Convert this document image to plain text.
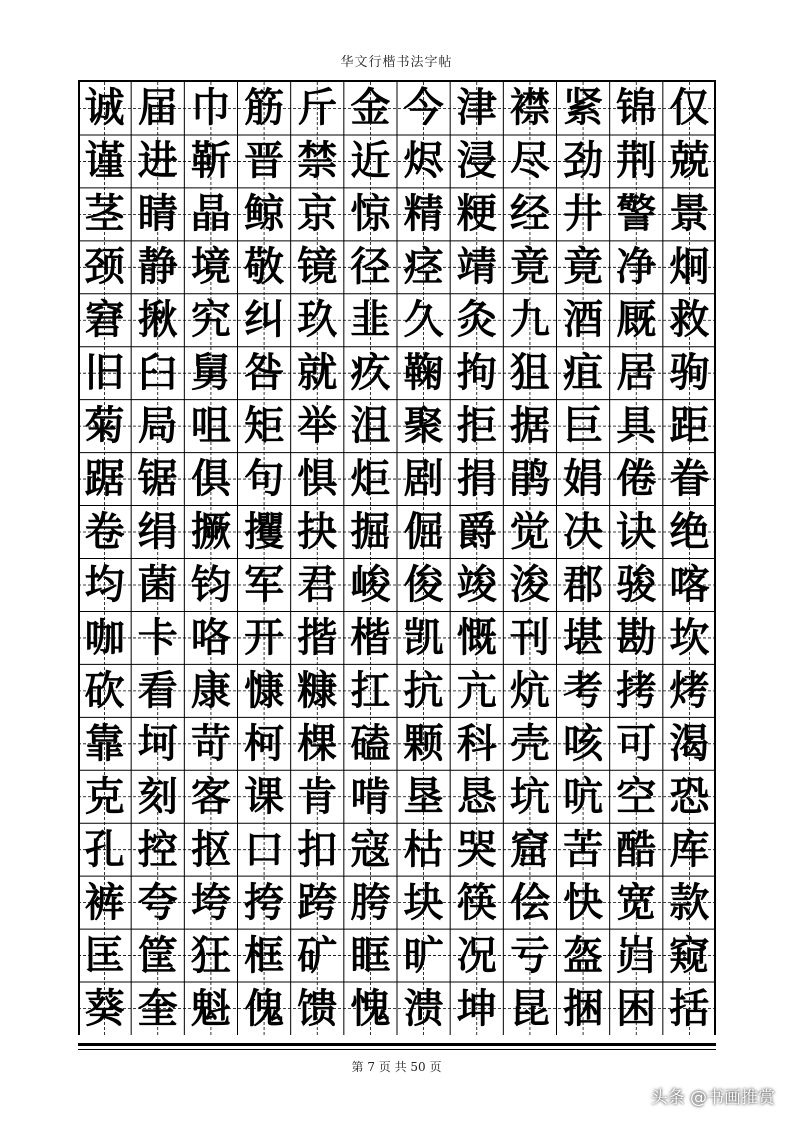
华文行楷书法字帖
诚 届 巾 筋 斤 金 今 津 襟 紧 锦 仅
谨 进 靳 晋 禁 近 烬 浸 尽 劲 荆 兢
茎 睛 晶 鲸 京 惊 精 粳 经 井 警 景
颈 静 境 敬 镜 径 痉 靖 竟 竟 净 炯
窘 揪 究 纠 玖 韭 久 灸 九 酒 厩 救
旧 臼 舅 咎 就 疚 鞠 拘 狙 疽 居 驹
菊 局 咀 矩 举 沮 聚 拒 据 巨 具 距
踞 锯 俱 句 惧 炬 剧 捐 鹃 娟 倦 眷
卷 绢 撅 攫 抉 掘 倔 爵 觉 决 诀 绝
均 菌 钧 军 君 峻 俊 竣 浚 郡 骏 喀
咖 卡 咯 开 揩 楷 凯 慨 刊 堪 勘 坎
砍 看 康 慷 糠 扛 抗 亢 炕 考 拷 烤
靠 坷 苛 柯 棵 磕 颗 科 壳 咳 可 渴
克 刻 客 课 肯 啃 垦 恳 坑 吭 空 恐
孔 控 抠 口 扣 寇 枯 哭 窟 苦 酷 库
裤 夸 垮 挎 跨 胯 块 筷 侩 快 宽 款
匡 筐 狂 框 矿 眶 旷 况 亏 盔 岿 窥
葵 奎 魁 傀 馈 愧 溃 坤 昆 捆 困 括
第 7 页 共 50 页
头条 @书画推赏
